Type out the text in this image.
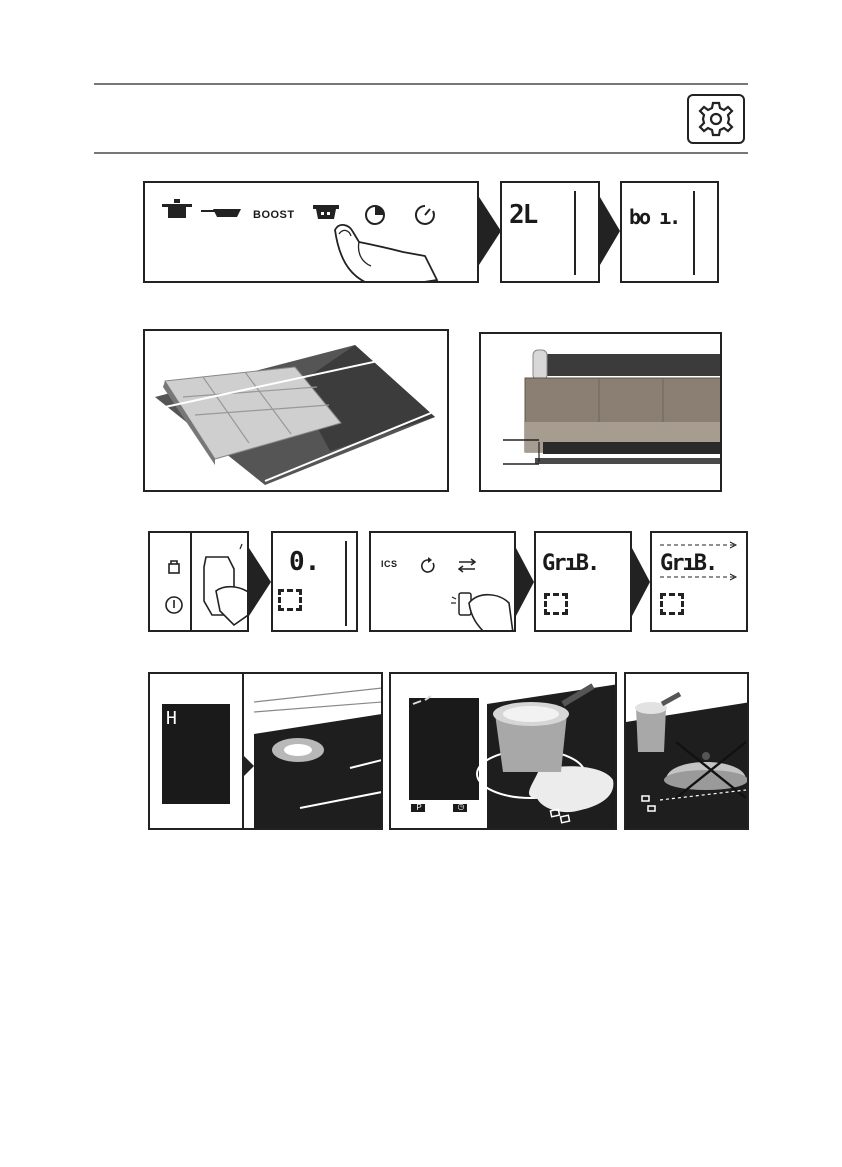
BOOST	2L	bo ı.
0.	ICS	Gr​ıB.	Gr​ıB.
H
P	◷
